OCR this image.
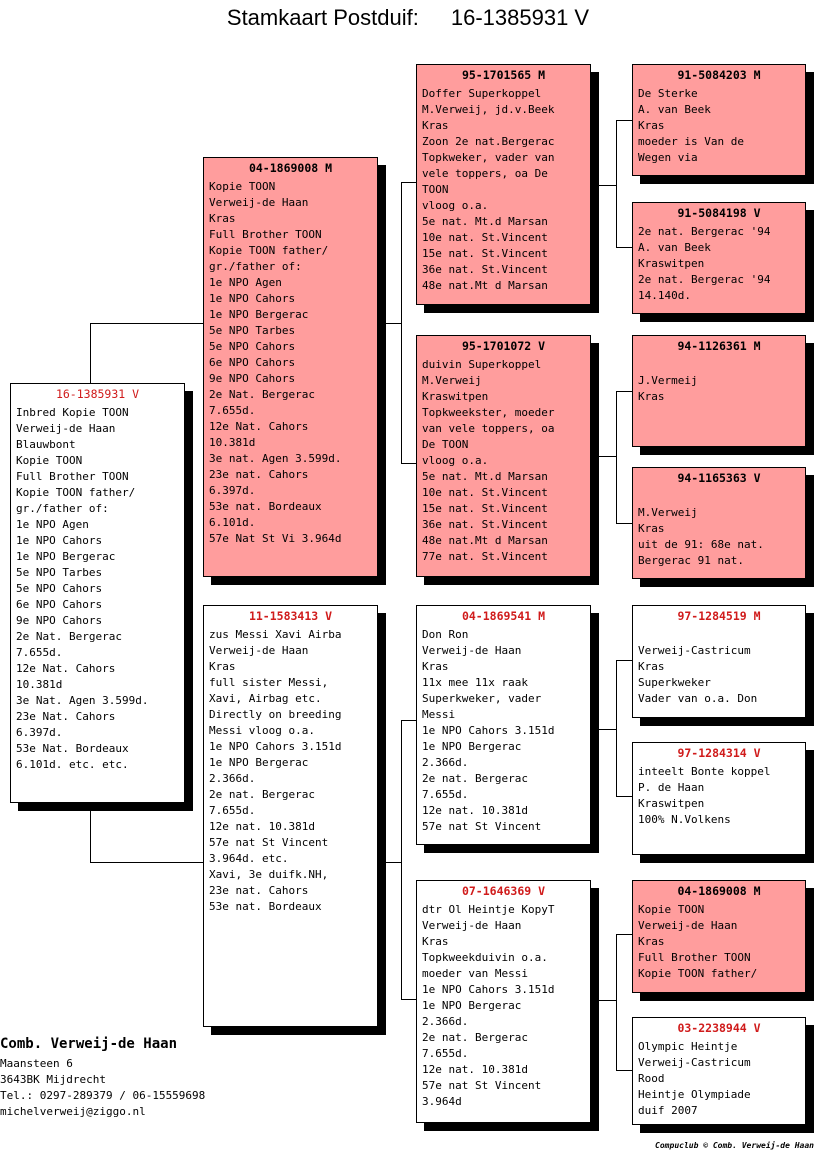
Stamkaart Postduif: 16-1385931 V
16-1385931 V
Inbred Kopie TOON
Verweij-de Haan
Blauwbont
Kopie TOON
Full Brother TOON
Kopie TOON father/
gr./father of:
1e NPO Agen
1e NPO Cahors
1e NPO Bergerac
5e NPO Tarbes
5e NPO Cahors
6e NPO Cahors
9e NPO Cahors
2e Nat. Bergerac
7.655d.
12e Nat. Cahors
10.381d
3e Nat. Agen 3.599d.
23e Nat. Cahors
6.397d.
53e Nat. Bordeaux
6.101d. etc. etc.
04-1869008 M
Kopie TOON
Verweij-de Haan
Kras
Full Brother TOON
Kopie TOON father/
gr./father of:
1e NPO Agen
1e NPO Cahors
1e NPO Bergerac
5e NPO Tarbes
5e NPO Cahors
6e NPO Cahors
9e NPO Cahors
2e Nat. Bergerac
7.655d.
12e Nat. Cahors
10.381d
3e nat. Agen 3.599d.
23e nat. Cahors
6.397d.
53e nat. Bordeaux
6.101d.
57e Nat St Vi 3.964d
11-1583413 V
zus Messi Xavi Airba
Verweij-de Haan
Kras
full sister Messi,
Xavi, Airbag etc.
Directly on breeding
Messi vloog o.a.
1e NPO Cahors 3.151d
1e NPO Bergerac
2.366d.
2e nat. Bergerac
7.655d.
12e nat. 10.381d
57e nat St Vincent
3.964d. etc.
Xavi, 3e duifk.NH,
23e nat. Cahors
53e nat. Bordeaux
95-1701565 M
Doffer Superkoppel
M.Verweij, jd.v.Beek
Kras
Zoon 2e nat.Bergerac
Topkweker, vader van
vele toppers, oa De
TOON
vloog o.a.
5e nat. Mt.d Marsan
10e nat. St.Vincent
15e nat. St.Vincent
36e nat. St.Vincent
48e nat.Mt d Marsan
95-1701072 V
duivin Superkoppel
M.Verweij
Kraswitpen
Topkweekster, moeder
van vele toppers, oa
De TOON
vloog o.a.
5e nat. Mt.d Marsan
10e nat. St.Vincent
15e nat. St.Vincent
36e nat. St.Vincent
48e nat.Mt d Marsan
77e nat. St.Vincent
04-1869541 M
Don Ron
Verweij-de Haan
Kras
11x mee 11x raak
Superkweker, vader
Messi
1e NPO Cahors 3.151d
1e NPO Bergerac
2.366d.
2e nat. Bergerac
7.655d.
12e nat. 10.381d
57e nat St Vincent
07-1646369 V
dtr Ol Heintje KopyT
Verweij-de Haan
Kras
Topkweekduivin o.a.
moeder van Messi
1e NPO Cahors 3.151d
1e NPO Bergerac
2.366d.
2e nat. Bergerac
7.655d.
12e nat. 10.381d
57e nat St Vincent
3.964d
91-5084203 M
De Sterke
A. van Beek
Kras
moeder is Van de
Wegen via
91-5084198 V
2e nat. Bergerac '94
A. van Beek
Kraswitpen
2e nat. Bergerac '94
14.140d.
94-1126361 M
J.Vermeij
Kras
94-1165363 V
M.Verweij
Kras
uit de 91: 68e nat.
Bergerac 91 nat.
97-1284519 M
Verweij-Castricum
Kras
Superkweker
Vader van o.a. Don
97-1284314 V
inteelt Bonte koppel
P. de Haan
Kraswitpen
100% N.Volkens
04-1869008 M
Kopie TOON
Verweij-de Haan
Kras
Full Brother TOON
Kopie TOON father/
03-2238944 V
Olympic Heintje
Verweij-Castricum
Rood
Heintje Olympiade
duif 2007
Comb. Verweij-de Haan
Maansteen 6
3643BK Mijdrecht
Tel.: 0297-289379 / 06-15559698
michelverweij@ziggo.nl
Compuclub © Comb. Verweij-de Haan
